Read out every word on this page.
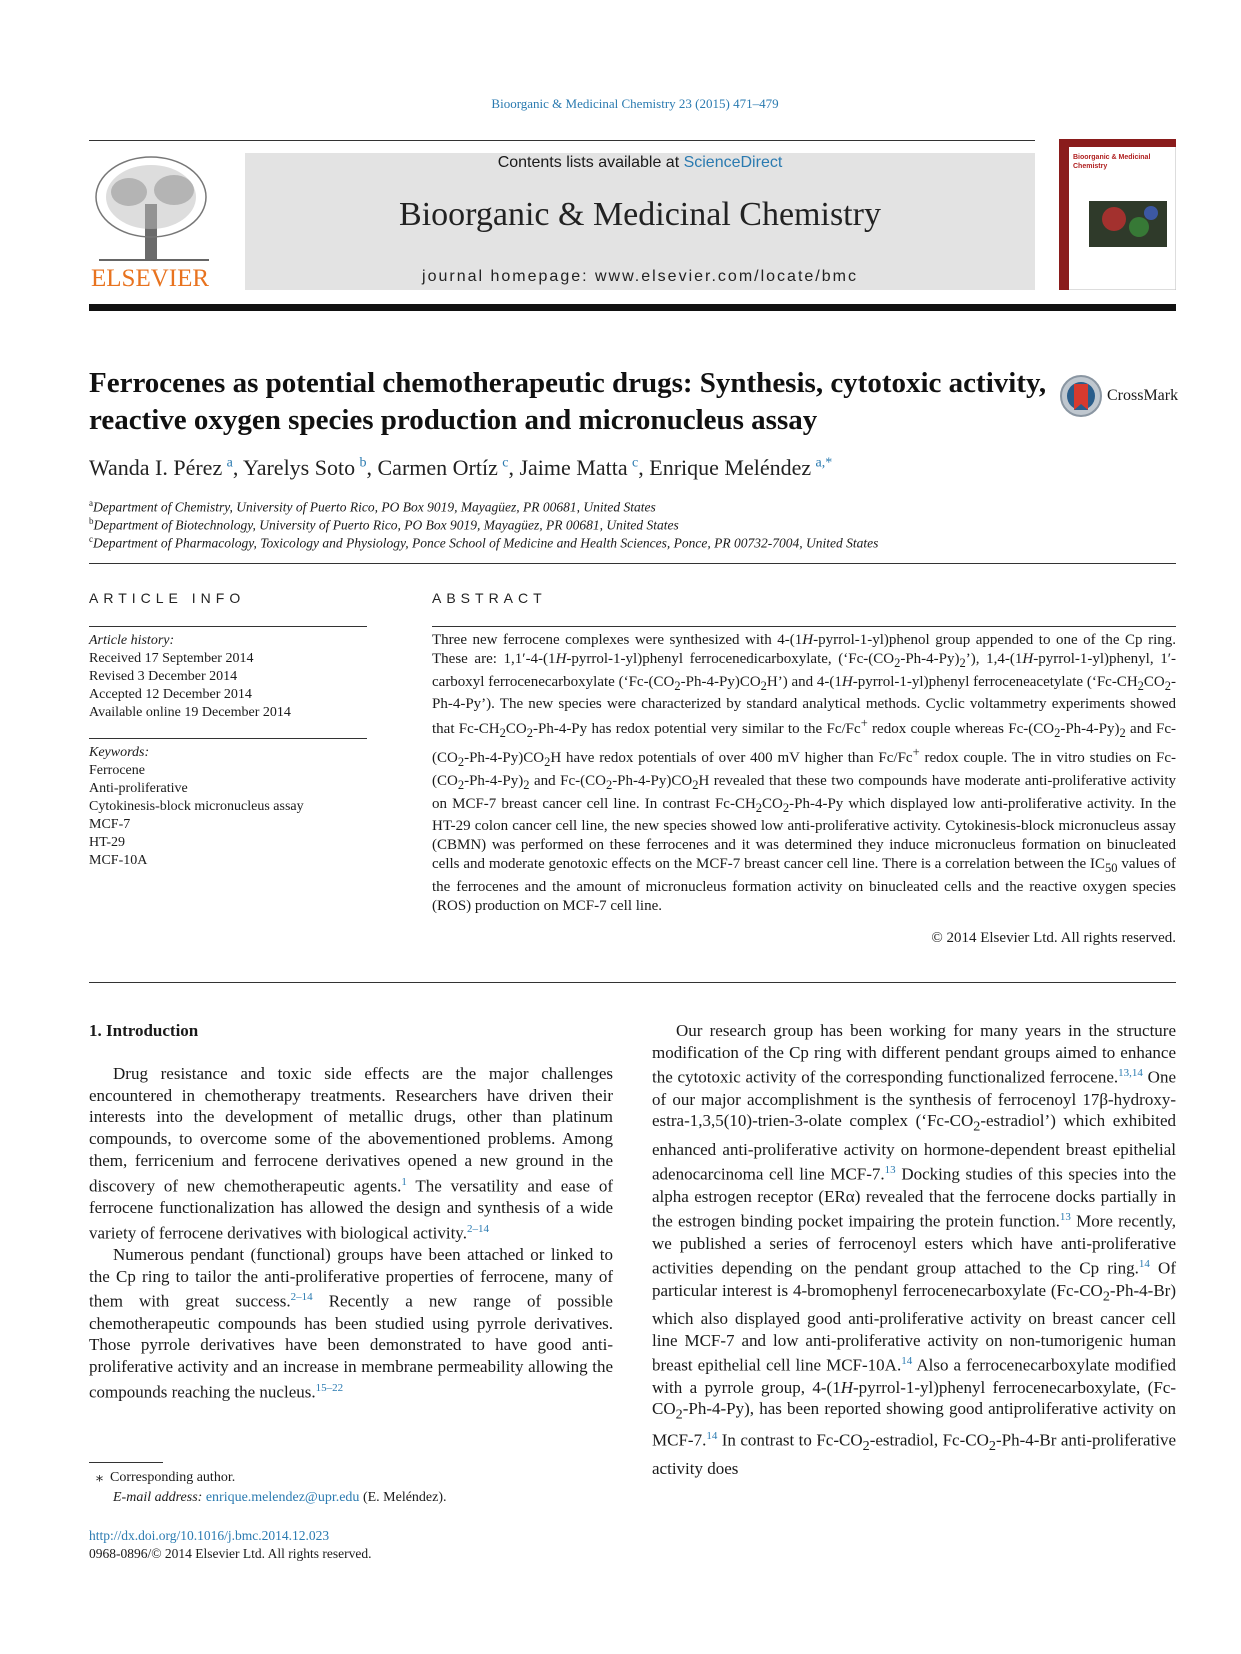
Bioorganic & Medicinal Chemistry 23 (2015) 471–479
ELSEVIER
Contents lists available at ScienceDirect
Bioorganic & Medicinal Chemistry
journal homepage: www.elsevier.com/locate/bmc
Bioorganic & Medicinal
Chemistry
Ferrocenes as potential chemotherapeutic drugs: Synthesis, cytotoxic activity, reactive oxygen species production and micronucleus assay
CrossMark
Wanda I. Pérez  $^a$, Yarelys Soto  $^b$, Carmen Ortíz  $^c$, Jaime Matta  $^c$, Enrique Meléndez  $^{a,*}$
$^a$Department of Chemistry, University of Puerto Rico, PO Box 9019, Mayagüez, PR 00681, United States
$^b$Department of Biotechnology, University of Puerto Rico, PO Box 9019, Mayagüez, PR 00681, United States
$^c$Department of Pharmacology, Toxicology and Physiology, Ponce School of Medicine and Health Sciences, Ponce, PR 00732-7004, United States
ARTICLE INFO
Article history:
Received 17 September 2014
Revised 3 December 2014
Accepted 12 December 2014
Available online 19 December 2014
Keywords:
Ferrocene
Anti-proliferative
Cytokinesis-block micronucleus assay
MCF-7
HT-29
MCF-10A
ABSTRACT
Three new ferrocene complexes were synthesized with 4-(1H-pyrrol-1-yl)phenol group appended to one of the Cp ring. These are: 1,1′-4-(1H-pyrrol-1-yl)phenyl ferrocenedicarboxylate, $(‘Fc-(CO_2-Ph-4-Py)_2’)$, 1,4-(1H-pyrrol-1-yl)phenyl, 1′-carboxyl ferrocenecarboxylate $(‘Fc-(CO_2-Ph-4-Py)CO_2H’)$ and 4-(1H-pyrrol-1-yl)phenyl ferroceneacetylate $(‘Fc-CH_2CO_2-Ph-4-Py’)$. The new species were characterized by standard analytical methods. Cyclic voltammetry experiments showed that $Fc-CH_2CO_2-Ph-4-Py$ has redox potential very similar to the Fc/Fc+ redox couple whereas $Fc-(CO_2-Ph-4-Py)_2$ and $Fc-(CO_2-Ph-4-Py)CO_2H$ have redox potentials of over 400 mV higher than Fc/Fc+ redox couple. The in vitro studies on $Fc-(CO_2-Ph-4-Py)_2$ and $Fc-(CO_2-Ph-4-Py)CO_2H$ revealed that these two compounds have moderate anti-proliferative activity on MCF-7 breast cancer cell line. In contrast $Fc-CH_2CO_2-Ph-4-Py$ which displayed low anti-proliferative activity. In the HT-29 colon cancer cell line, the new species showed low anti-proliferative activity. Cytokinesis-block micronucleus assay (CBMN) was performed on these ferrocenes and it was determined they induce micronucleus formation on binucleated cells and moderate genotoxic effects on the MCF-7 breast cancer cell line. There is a correlation between the $IC_{50}$ values of the ferrocenes and the amount of micronucleus formation activity on binucleated cells and the reactive oxygen species (ROS) production on MCF-7 cell line.
© 2014 Elsevier Ltd. All rights reserved.
1. Introduction

Drug resistance and toxic side effects are the major challenges encountered in chemotherapy treatments. Researchers have driven their interests into the development of metallic drugs, other than platinum compounds, to overcome some of the abovementioned problems. Among them, ferricenium and ferrocene derivatives opened a new ground in the discovery of new chemotherapeutic agents.$^1$ The versatility and ease of ferrocene functionalization has allowed the design and synthesis of a wide variety of ferrocene derivatives with biological activity.$^{2-14}$

Numerous pendant (functional) groups have been attached or linked to the Cp ring to tailor the anti-proliferative properties of ferrocene, many of them with great success.$^{2-14}$ Recently a new range of possible chemotherapeutic compounds has been studied using pyrrole derivatives. Those pyrrole derivatives have been demonstrated to have good anti-proliferative activity and an increase in membrane permeability allowing the compounds reaching the nucleus.$^{15-22}$

Our research group has been working for many years in the structure modification of the Cp ring with different pendant groups aimed to enhance the cytotoxic activity of the corresponding functionalized ferrocene.$^{13,14}$ One of our major accomplishment is the synthesis of ferrocenoyl 17β-hydroxy-estra-1,3,5(10)-trien-3-olate complex $(‘Fc-CO_2-estradiol’)$ which exhibited enhanced anti-proliferative activity on hormone-dependent breast epithelial adenocarcinoma cell line MCF-7.13 Docking studies of this species into the alpha estrogen receptor (ERα) revealed that the ferrocene docks partially in the estrogen binding pocket impairing the protein function.$^{13}$ More recently, we published a series of ferrocenoyl esters which have anti-proliferative activities depending on the pendant group attached to the Cp ring.$^{14}$ Of particular interest is 4-bromophenyl ferrocenecarboxylate $(Fc-CO_2-Ph-4-Br)$ which also displayed good anti-proliferative activity on breast cancer cell line MCF-7 and low anti-proliferative activity on non-tumorigenic human breast epithelial cell line MCF-10A.$^{14}$ Also a ferrocenecarboxylate modified with a pyrrole group, 4-(1H-pyrrol-1-yl)phenyl ferrocenecarboxylate, $(Fc-CO_2-Ph-4-Py)$, has been reported showing good antiproliferative activity on MCF-7.14 In contrast to $Fc-CO_2$-estradiol, $Fc-CO_2-Ph-4-Br$ anti-proliferative activity does

⁎  Corresponding author.
E-mail address: enrique.melendez@upr.edu (E. Meléndez).
http://dx.doi.org/10.1016/j.bmc.2014.12.023
0968-0896/© 2014 Elsevier Ltd. All rights reserved.
